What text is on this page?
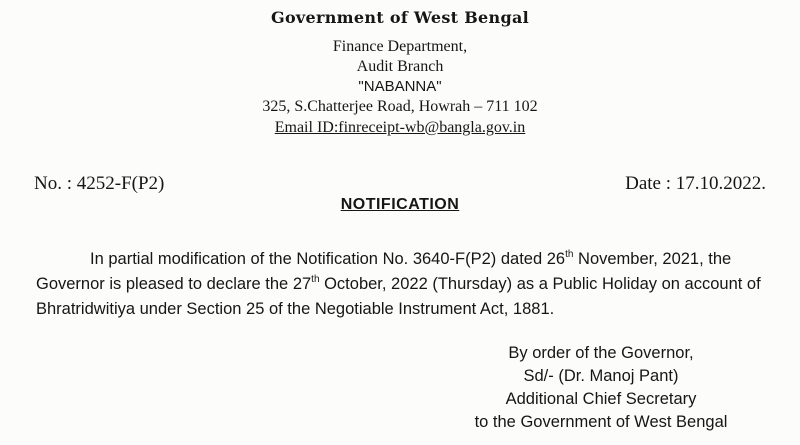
Government of West Bengal
Finance Department,
Audit Branch
"NABANNA"
325, S.Chatterjee Road, Howrah – 711 102
Email ID:finreceipt-wb@bangla.gov.in
No. : 4252-F(P2)	Date : 17.10.2022.
NOTIFICATION
In partial modification of the Notification No. 3640-F(P2) dated 26th November, 2021, the Governor is pleased to declare the 27th October, 2022 (Thursday) as a Public Holiday on account of Bhratridwitiya under Section 25 of the Negotiable Instrument Act, 1881.
By order of the Governor,
Sd/- (Dr. Manoj Pant)
Additional Chief Secretary
to the Government of West Bengal
